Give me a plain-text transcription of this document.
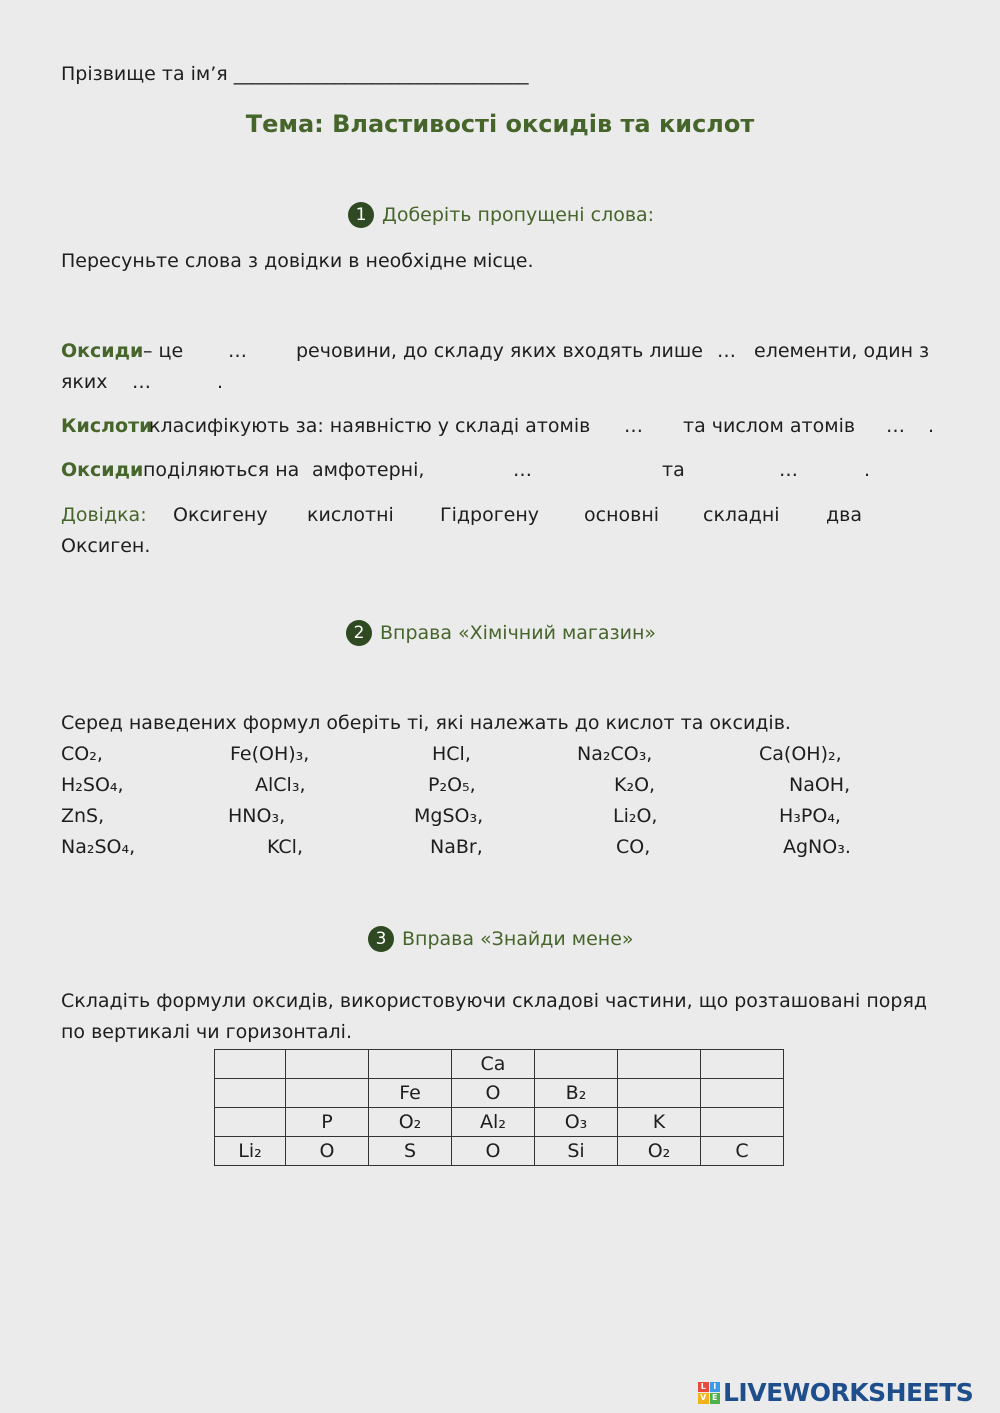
Прізвище та ім’я ________________________________
Тема: Властивості оксидів та кислот
1 Доберіть пропущені слова:
Пересуньте слова з довідки в необхідне місце.
Оксиди – це …	речовини, до складу яких входять лише … елементи, один з
яких …	.
Кислоти
класифікують за: наявністю у складі атомів … та числом атомів … .
Оксиди поділяються на амфотерні,	…	та	…	.
Довідка: Оксигену кислотні Гідрогену основні складні два
Оксиген.
2 Вправа «Хімічний магазин»
Серед наведених формул оберіть ті, які належать до кислот та оксидів.
CO₂,	Fe(OH)₃,	HCl,	Na₂CO₃,	Ca(OH)₂,
H₂SO₄,	AlCl₃,	P₂O₅,	K₂O,	NaOH,
ZnS,	HNO₃,	MgSO₃,	Li₂O,	H₃PO₄,
Na₂SO₄,	KCl,	NaBr,	CO,	AgNO₃.
3 Вправа «Знайди мене»
Складіть формули оксидів, використовуючи складові частини, що розташовані поряд
по вертикалі чи горизонталі.
			Ca			
		Fe	O	B₂		
	P	O₂	Al₂	O₃	K	
Li₂	O	S	O	Si	O₂	C
L I
V E LIVEWORKSHEETS
